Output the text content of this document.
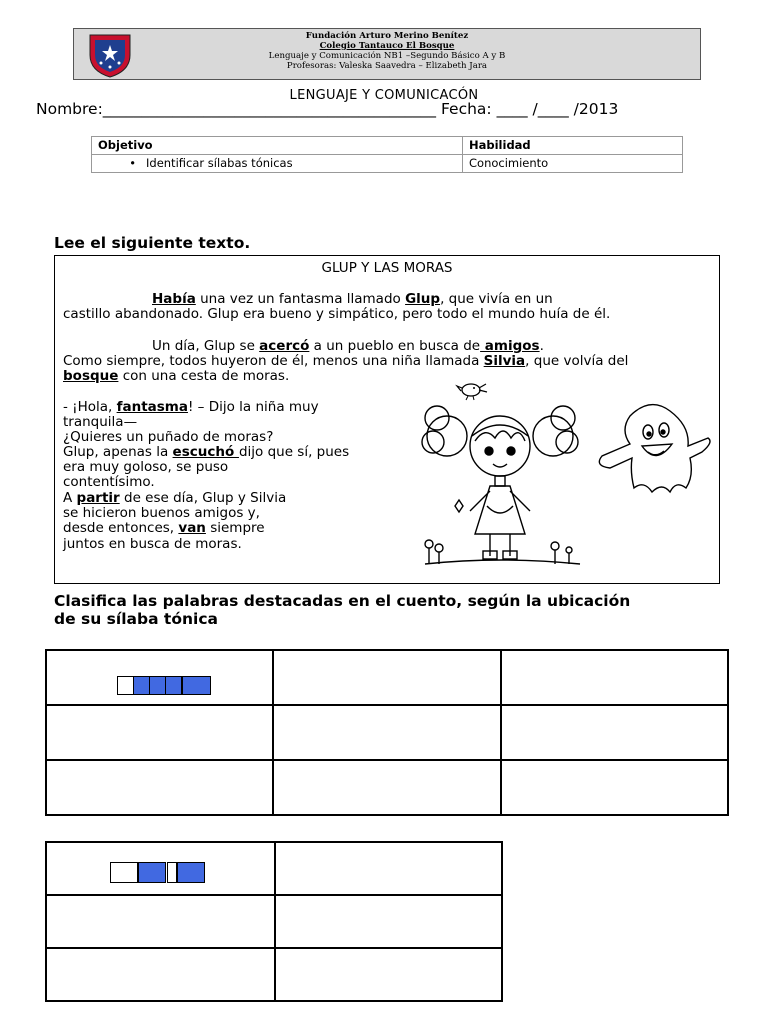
Fundación Arturo Merino Benítez
Colegio Tantauco El Bosque
Lenguaje y Comunicación NB1 –Segundo Básico A y B
Profesoras: Valeska Saavedra – Elizabeth Jara
LENGUAJE Y COMUNICACÓN
Nombre:___________________________________________ Fecha: ____ /____ /2013
Objetivo	Habilidad
• Identificar sílabas tónicas	Conocimiento
Lee el siguiente texto.
GLUP Y LAS MORAS
Había una vez un fantasma llamado Glup, que vivía en un
castillo abandonado. Glup era bueno y simpático, pero todo el mundo huía de él.
Un día, Glup se acercó a un pueblo en busca de amigos.
Como siempre, todos huyeron de él, menos una niña llamada Silvia, que volvía del
bosque con una cesta de moras.
- ¡Hola, fantasma! – Dijo la niña muy
tranquila—
¿Quieres un puñado de moras?
Glup, apenas la escuchó dijo que sí, pues
era muy goloso, se puso
contentísimo.
A partir de ese día, Glup y Silvia
se hicieron buenos amigos y,
desde entonces, van siempre
juntos en busca de moras.
Clasifica las palabras destacadas en el cuento, según la ubicación
de su sílaba tónica
